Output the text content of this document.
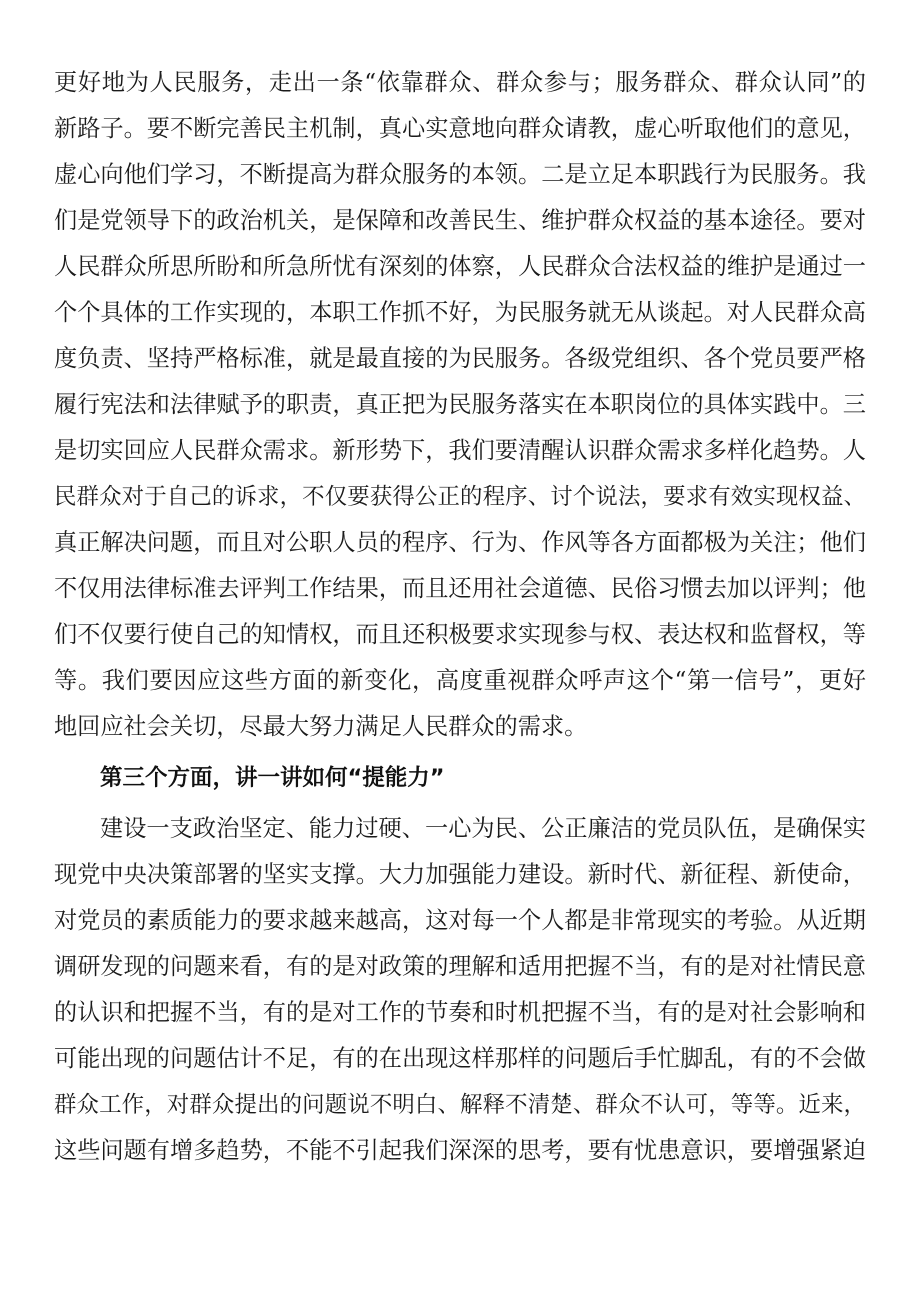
更好地为人民服务，走出一条“依靠群众、群众参与；服务群众、群众认同”的
新路子。要不断完善民主机制，真心实意地向群众请教，虚心听取他们的意见，
虚心向他们学习，不断提高为群众服务的本领。二是立足本职践行为民服务。我
们是党领导下的政治机关，是保障和改善民生、维护群众权益的基本途径。要对
人民群众所思所盼和所急所忧有深刻的体察，人民群众合法权益的维护是通过一
个个具体的工作实现的，本职工作抓不好，为民服务就无从谈起。对人民群众高
度负责、坚持严格标准，就是最直接的为民服务。各级党组织、各个党员要严格
履行宪法和法律赋予的职责，真正把为民服务落实在本职岗位的具体实践中。三
是切实回应人民群众需求。新形势下，我们要清醒认识群众需求多样化趋势。人
民群众对于自己的诉求，不仅要获得公正的程序、讨个说法，要求有效实现权益、
真正解决问题，而且对公职人员的程序、行为、作风等各方面都极为关注；他们
不仅用法律标准去评判工作结果，而且还用社会道德、民俗习惯去加以评判；他
们不仅要行使自己的知情权，而且还积极要求实现参与权、表达权和监督权，等
等。我们要因应这些方面的新变化，高度重视群众呼声这个“第一信号”，更好
地回应社会关切，尽最大努力满足人民群众的需求。
第三个方面，讲一讲如何“提能力”
建设一支政治坚定、能力过硬、一心为民、公正廉洁的党员队伍，是确保实
现党中央决策部署的坚实支撑。大力加强能力建设。新时代、新征程、新使命，
对党员的素质能力的要求越来越高，这对每一个人都是非常现实的考验。从近期
调研发现的问题来看，有的是对政策的理解和适用把握不当，有的是对社情民意
的认识和把握不当，有的是对工作的节奏和时机把握不当，有的是对社会影响和
可能出现的问题估计不足，有的在出现这样那样的问题后手忙脚乱，有的不会做
群众工作，对群众提出的问题说不明白、解释不清楚、群众不认可，等等。近来，
这些问题有增多趋势，不能不引起我们深深的思考，要有忧患意识，要增强紧迫
